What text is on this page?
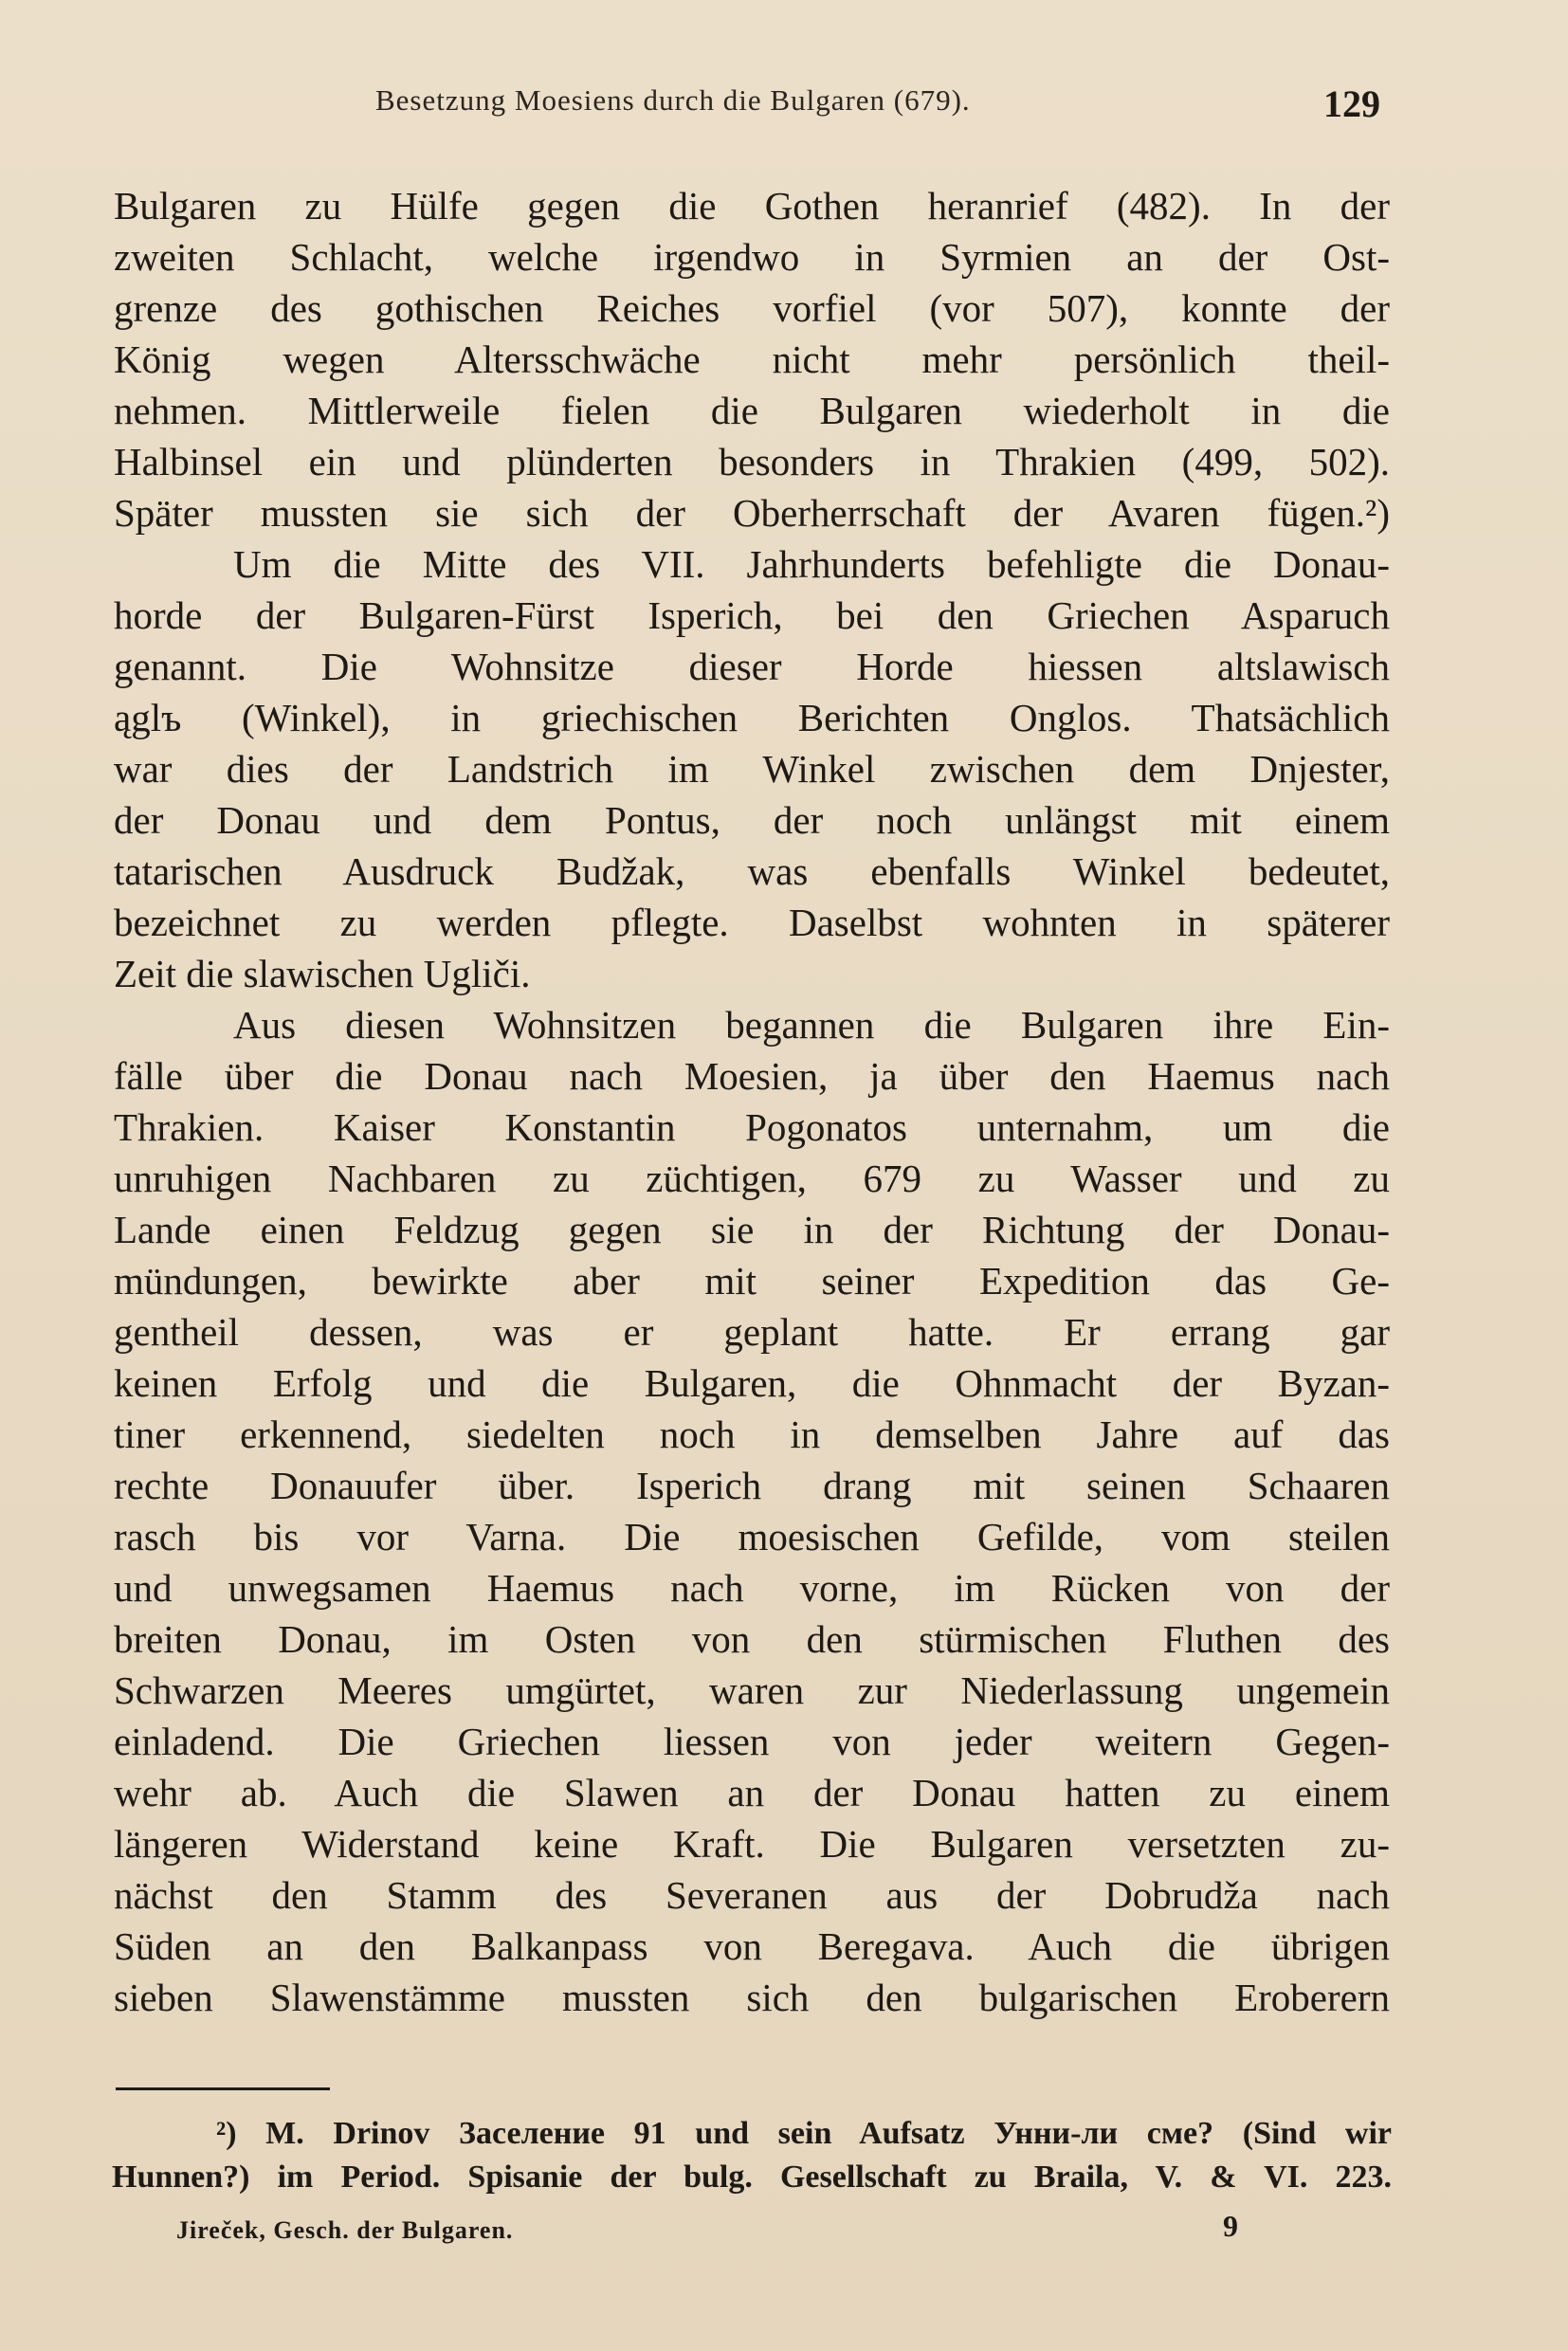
Besetzung Moesiens durch die Bulgaren (679).	129
Bulgaren zu Hülfe gegen die Gothen heranrief (482). In der
zweiten Schlacht, welche irgendwo in Syrmien an der Ost-
grenze des gothischen Reiches vorfiel (vor 507), konnte der
König wegen Altersschwäche nicht mehr persönlich theil-
nehmen. Mittlerweile fielen die Bulgaren wiederholt in die
Halbinsel ein und plünderten besonders in Thrakien (499, 502).
Später mussten sie sich der Oberherrschaft der Avaren fügen.²)
Um die Mitte des VII. Jahrhunderts befehligte die Donau-
horde der Bulgaren-Fürst Isperich, bei den Griechen Asparuch
genannt. Die Wohnsitze dieser Horde hiessen altslawisch
ąglъ (Winkel), in griechischen Berichten Onglos. Thatsächlich
war dies der Landstrich im Winkel zwischen dem Dnjester,
der Donau und dem Pontus, der noch unlängst mit einem
tatarischen Ausdruck Budžak, was ebenfalls Winkel bedeutet,
bezeichnet zu werden pflegte. Daselbst wohnten in späterer
Zeit die slawischen Ugliči.
Aus diesen Wohnsitzen begannen die Bulgaren ihre Ein-
fälle über die Donau nach Moesien, ja über den Haemus nach
Thrakien. Kaiser Konstantin Pogonatos unternahm, um die
unruhigen Nachbaren zu züchtigen, 679 zu Wasser und zu
Lande einen Feldzug gegen sie in der Richtung der Donau-
mündungen, bewirkte aber mit seiner Expedition das Ge-
gentheil dessen, was er geplant hatte. Er errang gar
keinen Erfolg und die Bulgaren, die Ohnmacht der Byzan-
tiner erkennend, siedelten noch in demselben Jahre auf das
rechte Donauufer über. Isperich drang mit seinen Schaaren
rasch bis vor Varna. Die moesischen Gefilde, vom steilen
und unwegsamen Haemus nach vorne, im Rücken von der
breiten Donau, im Osten von den stürmischen Fluthen des
Schwarzen Meeres umgürtet, waren zur Niederlassung ungemein
einladend. Die Griechen liessen von jeder weitern Gegen-
wehr ab. Auch die Slawen an der Donau hatten zu einem
längeren Widerstand keine Kraft. Die Bulgaren versetzten zu-
nächst den Stamm des Severanen aus der Dobrudža nach
Süden an den Balkanpass von Beregava. Auch die übrigen
sieben Slawenstämme mussten sich den bulgarischen Eroberern
²) M. Drinov Заселение 91 und sein Aufsatz Унни-ли сме? (Sind wir
Hunnen?) im Period. Spisanie der bulg. Gesellschaft zu Braila, V. & VI. 223.
Jireček, Gesch. der Bulgaren.	9
